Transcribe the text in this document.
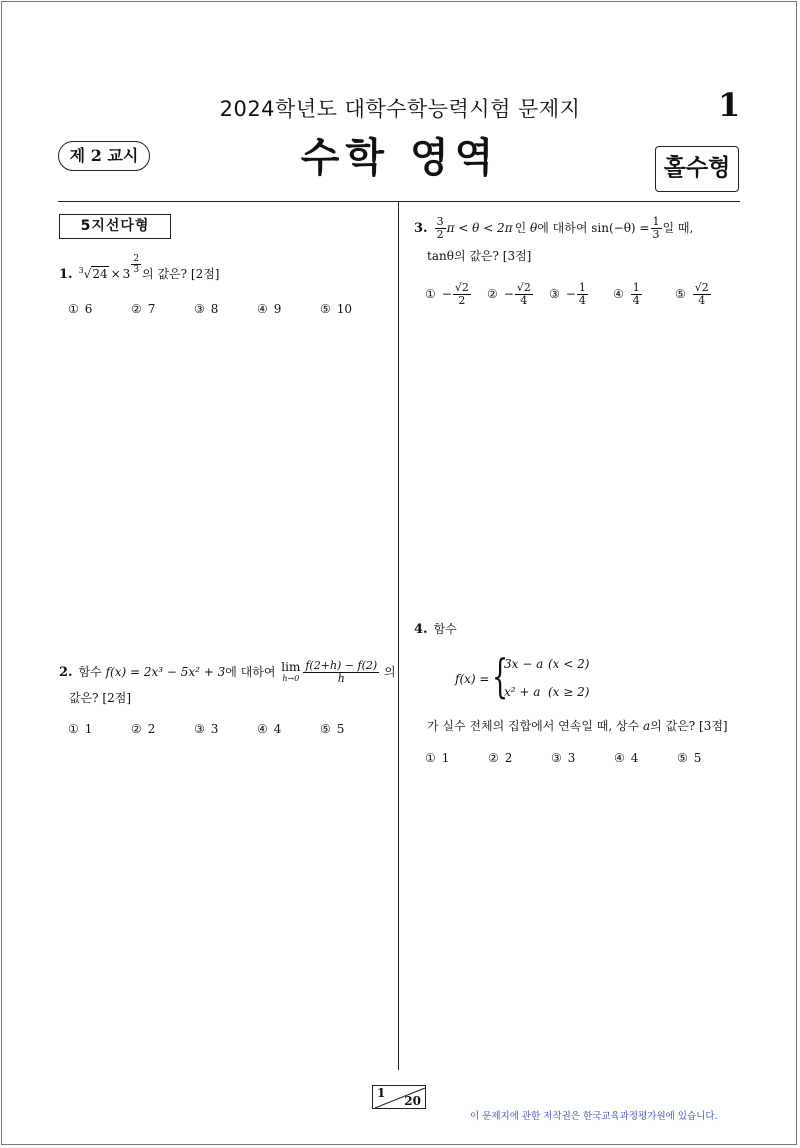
2024학년도 대학수학능력시험 문제지	1
제 2 교시	수학 영역	홀수형
5지선다형
1. $^3√24 \times 3 \frac{2}{3}$ 의 값은? [2점]
① 6	② 7	③ 8	④ 9	⑤ 10
2. 함수 f(x) = 2x³ − 5x² + 3에 대하여 lim
$h\to 0 \frac{f(2+h) - f(2)}{h}$ 의
값은? [2점]
① 1	② 2	③ 3	④ 4	⑤ 5
3. $\frac{3}{2}$ π < θ < 2π 인 θ에 대하여 $\sin(-\theta) = \frac{1}{3}$ 일 때,
tanθ의 값은? [3점]
① − $\frac{√2}{2}$ ② − $\frac{√2}{4}$ ③ − $\frac{1}{4}$ ④ $\frac{1}{4}$	⑤ $\frac{√2}{4}$
4. 함수
f(x) = {
3x − a (x < 2)
x² + a (x ≥ 2)
가 실수 전체의 집합에서 연속일 때, 상수 a의 값은? [3점]
① 1	② 2	③ 3	④ 4	⑤ 5
1
20
이 문제지에 관한 저작권은 한국교육과정평가원에 있습니다.
